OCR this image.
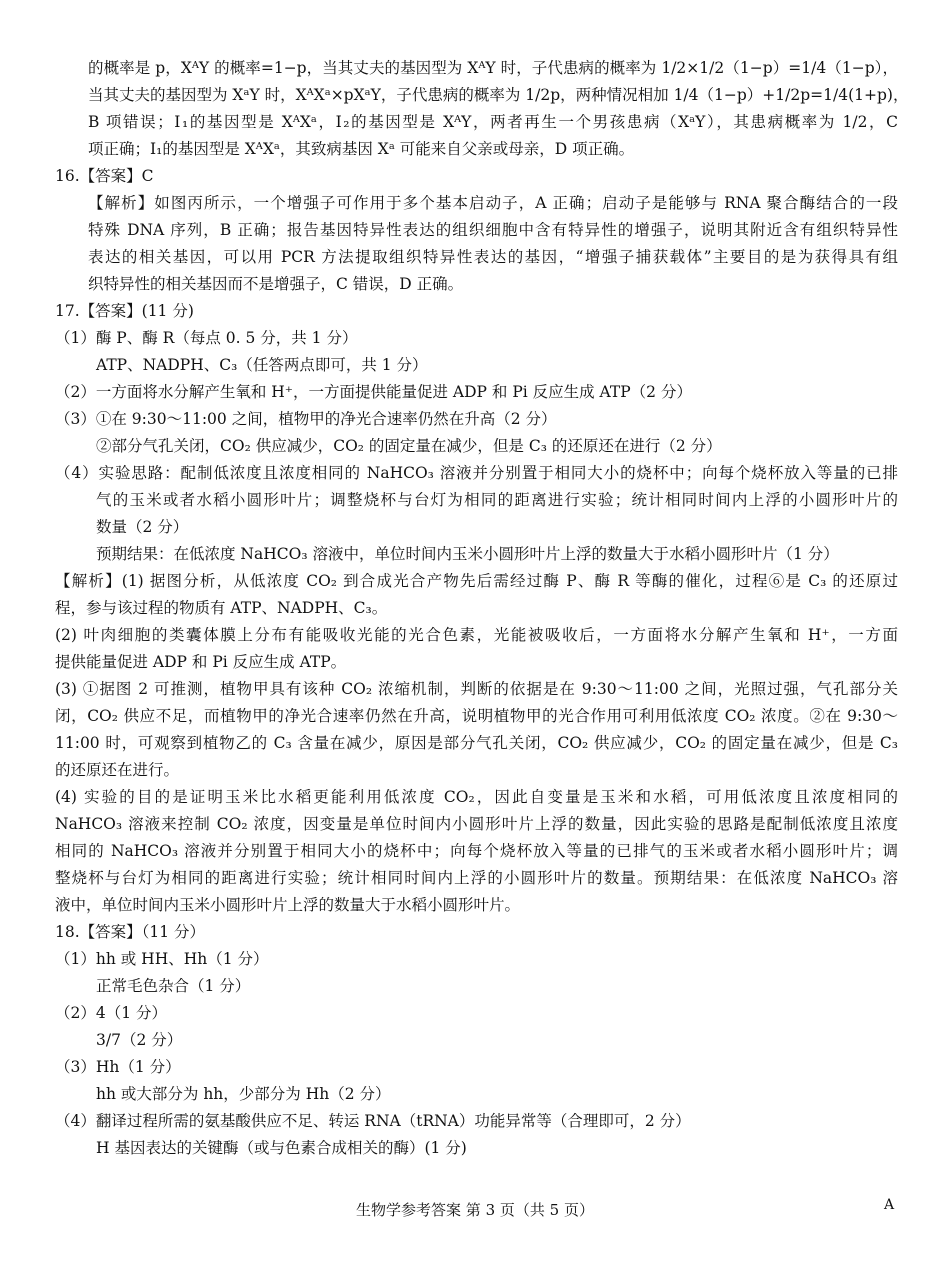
的概率是 p，XᴬY 的概率=1−p，当其丈夫的基因型为 XᴬY 时，子代患病的概率为 1/2×1/2（1−p）=1/4（1−p），
当其丈夫的基因型为 XᵃY 时，XᴬXᵃ×pXᵃY，子代患病的概率为 1/2p，两种情况相加 1/4（1−p）+1/2p=1/4(1+p)，
B 项错误；Ⅰ₁的基因型是 XᴬXᵃ，Ⅰ₂的基因型是 XᴬY，两者再生一个男孩患病（XᵃY），其患病概率为 1/2，C
项正确；Ⅰ₁的基因型是 XᴬXᵃ，其致病基因 Xᵃ 可能来自父亲或母亲，D 项正确。
16.【答案】C
【解析】如图丙所示，一个增强子可作用于多个基本启动子，A 正确；启动子是能够与 RNA 聚合酶结合的一段
特殊 DNA 序列，B 正确；报告基因特异性表达的组织细胞中含有特异性的增强子，说明其附近含有组织特异性
表达的相关基因，可以用 PCR 方法提取组织特异性表达的基因，“增强子捕获载体”主要目的是为获得具有组
织特异性的相关基因而不是增强子，C 错误，D 正确。
17.【答案】(11 分)
（1）酶 P、酶 R（每点 0. 5 分，共 1 分）
ATP、NADPH、C₃（任答两点即可，共 1 分）
（2）一方面将水分解产生氧和 H⁺，一方面提供能量促进 ADP 和 Pi 反应生成 ATP（2 分）
（3）①在 9:30～11:00 之间，植物甲的净光合速率仍然在升高（2 分）
②部分气孔关闭，CO₂ 供应减少，CO₂ 的固定量在减少，但是 C₃ 的还原还在进行（2 分）
（4）实验思路：配制低浓度且浓度相同的 NaHCO₃ 溶液并分别置于相同大小的烧杯中；向每个烧杯放入等量的已排
气的玉米或者水稻小圆形叶片；调整烧杯与台灯为相同的距离进行实验；统计相同时间内上浮的小圆形叶片的
数量（2 分）
预期结果：在低浓度 NaHCO₃ 溶液中，单位时间内玉米小圆形叶片上浮的数量大于水稻小圆形叶片（1 分）
【解析】(1) 据图分析，从低浓度 CO₂ 到合成光合产物先后需经过酶 P、酶 R 等酶的催化，过程⑥是 C₃ 的还原过
程，参与该过程的物质有 ATP、NADPH、C₃。
(2) 叶肉细胞的类囊体膜上分布有能吸收光能的光合色素，光能被吸收后，一方面将水分解产生氧和 H⁺，一方面
提供能量促进 ADP 和 Pi 反应生成 ATP。
(3) ①据图 2 可推测，植物甲具有该种 CO₂ 浓缩机制，判断的依据是在 9:30～11:00 之间，光照过强，气孔部分关
闭，CO₂ 供应不足，而植物甲的净光合速率仍然在升高，说明植物甲的光合作用可利用低浓度 CO₂ 浓度。②在 9:30～
11:00 时，可观察到植物乙的 C₃ 含量在减少，原因是部分气孔关闭，CO₂ 供应减少，CO₂ 的固定量在减少，但是 C₃
的还原还在进行。
(4) 实验的目的是证明玉米比水稻更能利用低浓度 CO₂，因此自变量是玉米和水稻，可用低浓度且浓度相同的
NaHCO₃ 溶液来控制 CO₂ 浓度，因变量是单位时间内小圆形叶片上浮的数量，因此实验的思路是配制低浓度且浓度
相同的 NaHCO₃ 溶液并分别置于相同大小的烧杯中；向每个烧杯放入等量的已排气的玉米或者水稻小圆形叶片；调
整烧杯与台灯为相同的距离进行实验；统计相同时间内上浮的小圆形叶片的数量。预期结果：在低浓度 NaHCO₃ 溶
液中，单位时间内玉米小圆形叶片上浮的数量大于水稻小圆形叶片。
18.【答案】（11 分）
（1）hh 或 HH、Hh（1 分）
正常毛色杂合（1 分）
（2）4（1 分）
3/7（2 分）
（3）Hh（1 分）
hh 或大部分为 hh，少部分为 Hh（2 分）
（4）翻译过程所需的氨基酸供应不足、转运 RNA（tRNA）功能异常等（合理即可，2 分）
H 基因表达的关键酶（或与色素合成相关的酶）(1 分)
生物学参考答案 第 3 页（共 5 页）	A
